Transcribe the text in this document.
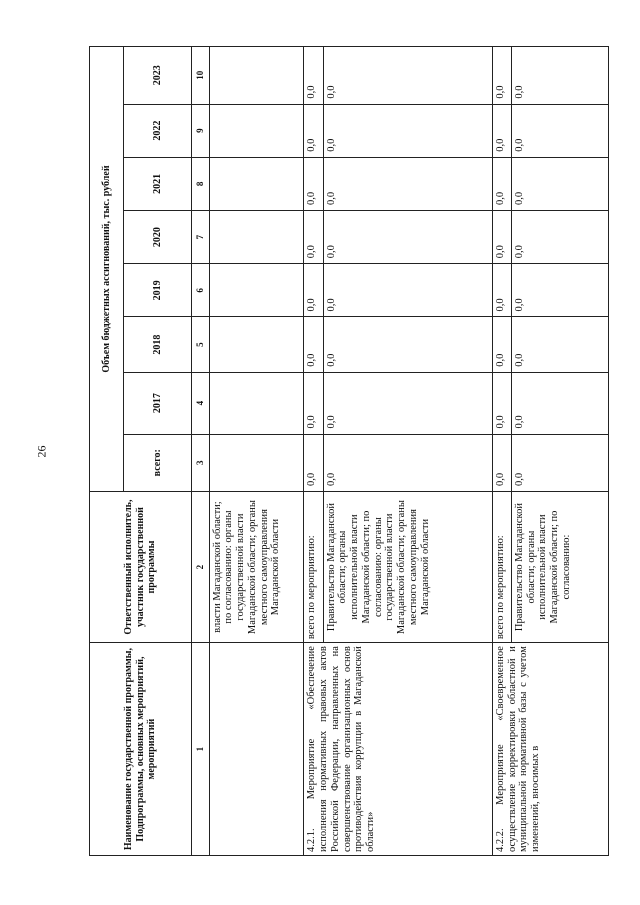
26
Наименование государственной программы, Подпрограммы, основных мероприятий, мероприятий	Ответственный исполнитель, участник государственной программы	Объем бюджетных ассигнований, тыс. рублей							
		всего:	2017	2018	2019	2020	2021	2022	2023
1	2	3	4	5	6	7	8	9	10
	власти Магаданской области; по согласованию: органы государственной власти Магаданской области; органы местного самоуправления Магаданской области								
4.2.1. Мероприятие «Обеспечение исполнения нормативных правовых актов Российской Федерации, направленных на совершенствование организационных основ противодействия коррупции в Магаданской области»	всего по мероприятию:	0,0	0,0	0,0	0,0	0,0	0,0	0,0	0,0
	Правительство Магаданской области; органы исполнительной власти Магаданской области; по согласованию: органы государственной власти Магаданской области; органы местного самоуправления Магаданской области	0,0	0,0	0,0	0,0	0,0	0,0	0,0	0,0
4.2.2. Мероприятие «Своевременное осуществление корректировки областной и муниципальной нормативной базы с учетом изменений, вносимых в	всего по мероприятию:	0,0	0,0	0,0	0,0	0,0	0,0	0,0	0,0
	Правительство Магаданской области; органы исполнительной власти Магаданской области; по согласованию:	0,0	0,0	0,0	0,0	0,0	0,0	0,0	0,0
